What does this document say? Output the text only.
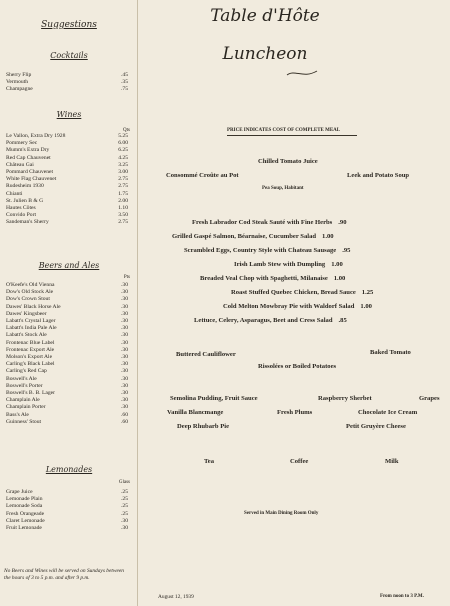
Suggestions
Cocktails
Sherry Flip	.45
Vermouth	.35
Champagne	.75
Wines
Qts
Le Vallon, Extra Dry 1928	5.25
Pommery Sec	6.00
Mumm's Extra Dry	6.25
Red Cap Chauvenet	4.25
Château Gai	3.25
Pommard Chauvenet	3.00
White Flag Chauvenet	2.75
Rudesheim 1930	2.75
Chianti	1.75
St. Julien B & G	2.00
Hautes Côtes	1.10
Convido Port	3.50
Sandeman's Sherry	2.75
Beers and Ales
Pts
O'Keefe's Old Vienna	.30
Dow's Old Stock Ale	.30
Dow's Crown Stout	.30
Dawes' Black Horse Ale	.30
Dawes' Kingsbeer	.30
Labatt's Crystal Lager	.30
Labatt's India Pale Ale	.30
Labatt's Stock Ale	.30
Frontenac Blue Label	.30
Frontenac Export Ale	.30
Molson's Export Ale	.30
Carling's Black Label	.30
Carling's Red Cap	.30
Boswell's Ale	.30
Boswell's Porter	.30
Boswell's B. B. Lager	.30
Champlain Ale	.30
Champlain Porter	.30
Bass's Ale	.60
Guinness' Stout	.60
Lemonades
Glass
Grape Juice	.25
Lemonade Plain	.25
Lemonade Soda	.25
Fresh Orangeade	.25
Claret Lemonade	.30
Fruit Lemonade	.30
No Beers and Wines will be served on Sundays between the hours of 3 to 5 p.m. and after 9 p.m.
August 12, 1939
Table d'Hôte
Luncheon
PRICE INDICATES COST OF COMPLETE MEAL
Chilled Tomato Juice
Consommé Croûte au Pot	Leek and Potato Soup
Pea Soup, Habitant
Fresh Labrador Cod Steak Sauté with Fine Herbs .90
Grilled Gaspé Salmon, Béarnaise, Cucumber Salad 1.00
Scrambled Eggs, Country Style with Chateau Sausage .95
Irish Lamb Stew with Dumpling 1.00
Breaded Veal Chop with Spaghetti, Milanaise 1.00
Roast Stuffed Quebec Chicken, Bread Sauce 1.25
Cold Melton Mowbray Pie with Waldorf Salad 1.00
Lettuce, Celery, Asparagus, Beet and Cress Salad .85
Buttered Cauliflower	Baked Tomato
Rissolées or Boiled Potatoes
Semolina Pudding, Fruit Sauce	Raspberry Sherbet	Grapes
Vanilla Blancmange	Fresh Plums	Chocolate Ice Cream
Deep Rhubarb Pie	Petit Gruyère Cheese
Tea	Coffee	Milk
Served in Main Dining Room Only
From noon to 3 P.M.
